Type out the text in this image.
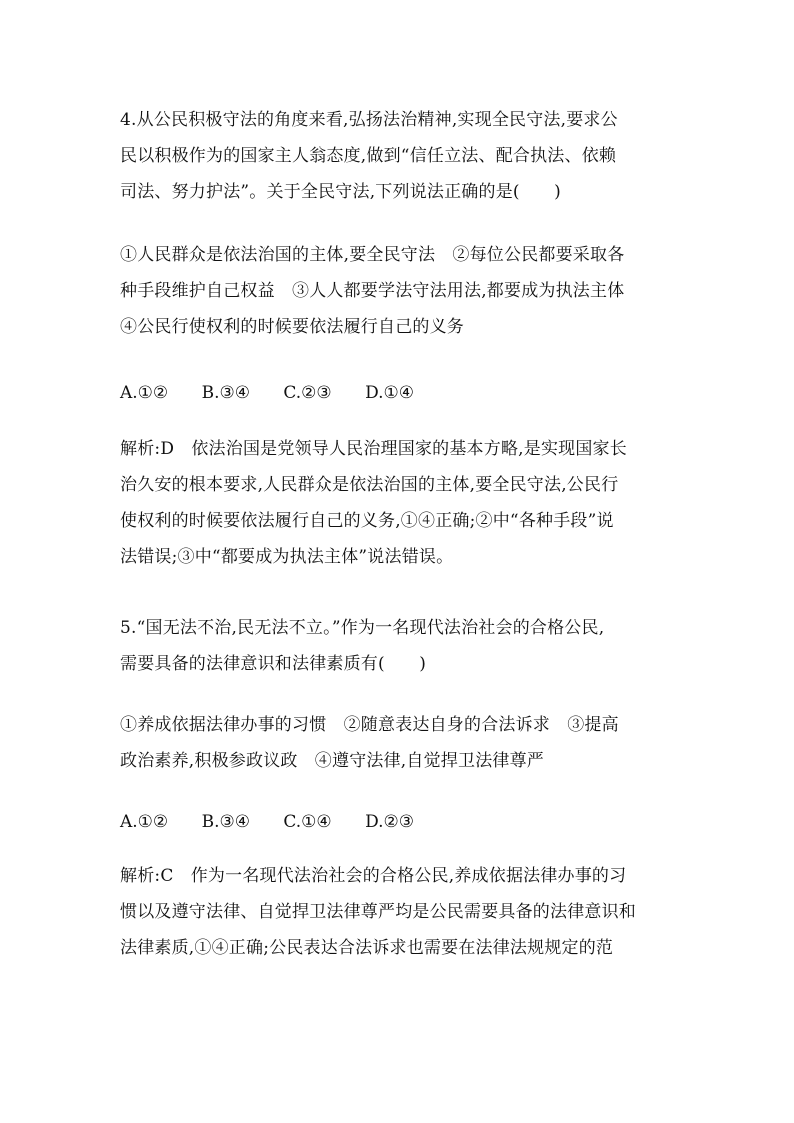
4.从公民积极守法的角度来看,弘扬法治精神,实现全民守法,要求公
民以积极作为的国家主人翁态度,做到“信任立法、配合执法、依赖
司法、努力护法”。关于全民守法,下列说法正确的是(　　)
①人民群众是依法治国的主体,要全民守法　②每位公民都要采取各
种手段维护自己权益　③人人都要学法守法用法,都要成为执法主体
④公民行使权利的时候要依法履行自己的义务
A.①② B.③④ C.②③ D.①④
解析:D　依法治国是党领导人民治理国家的基本方略,是实现国家长
治久安的根本要求,人民群众是依法治国的主体,要全民守法,公民行
使权利的时候要依法履行自己的义务,①④正确;②中“各种手段”说
法错误;③中“都要成为执法主体”说法错误。
5.“国无法不治,民无法不立。”作为一名现代法治社会的合格公民,
需要具备的法律意识和法律素质有(　　)
①养成依据法律办事的习惯　②随意表达自身的合法诉求　③提高
政治素养,积极参政议政　④遵守法律,自觉捍卫法律尊严
A.①② B.③④ C.①④ D.②③
解析:C　作为一名现代法治社会的合格公民,养成依据法律办事的习
惯以及遵守法律、自觉捍卫法律尊严均是公民需要具备的法律意识和
法律素质,①④正确;公民表达合法诉求也需要在法律法规规定的范
